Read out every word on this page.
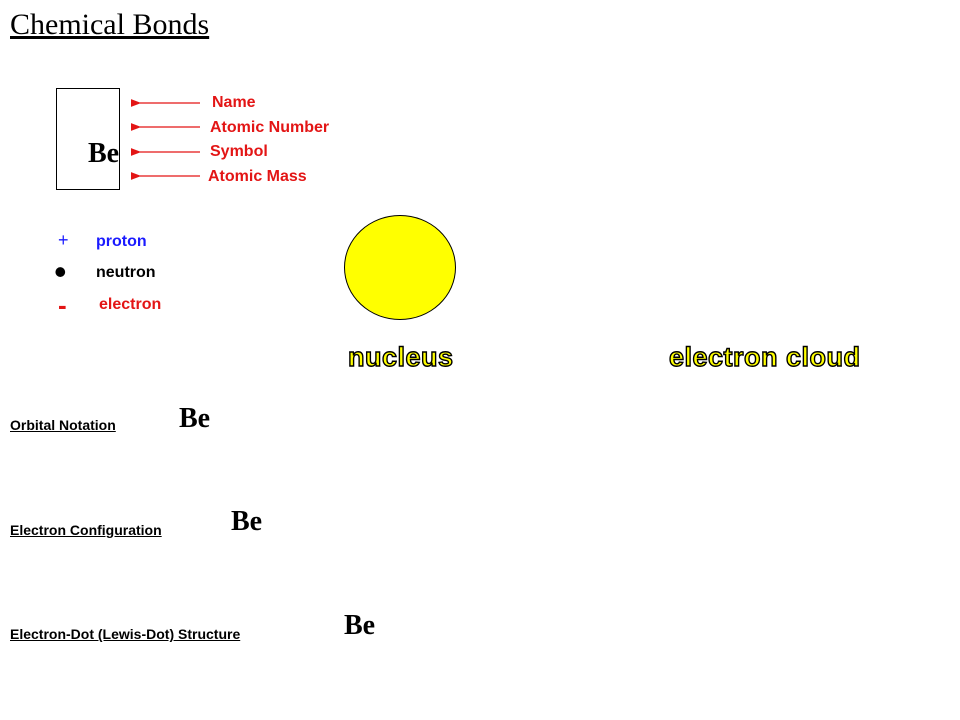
Chemical Bonds
Be
Name
Atomic Number
Symbol
Atomic Mass
+ proton
• neutron
- electron
nucleus	electron cloud
Orbital Notation Be
Electron Configuration Be
Electron-Dot (Lewis-Dot) Structure	Be
